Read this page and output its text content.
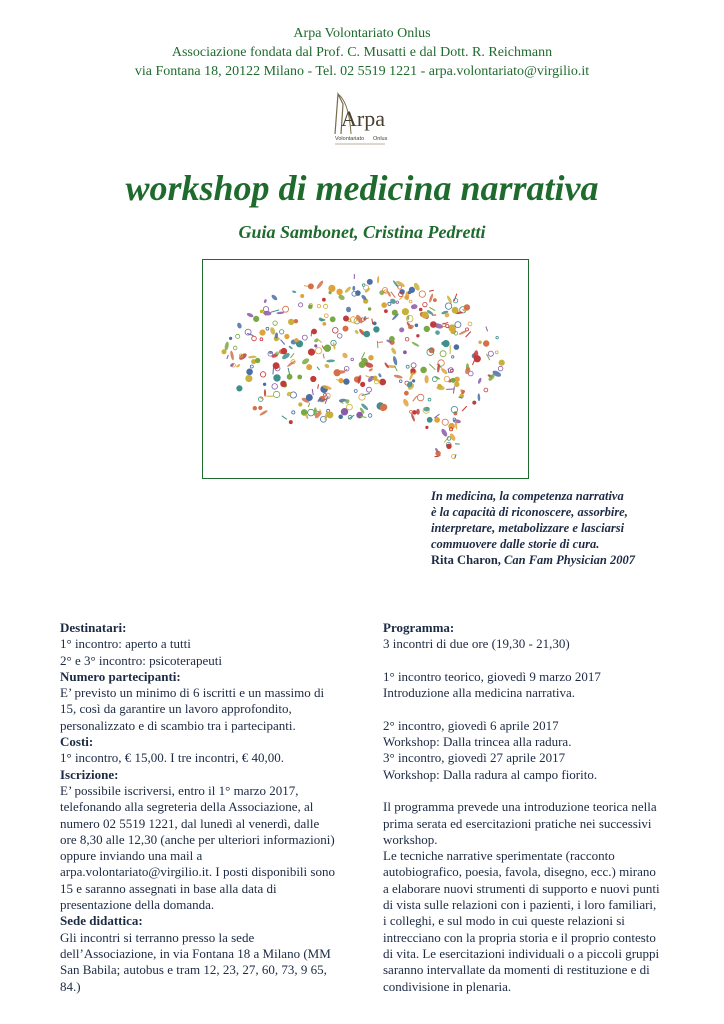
Arpa Volontariato Onlus
Associazione fondata dal Prof. C. Musatti e dal Dott. R. Reichmann
via Fontana 18, 20122 Milano - Tel. 02 5519 1221 - arpa.volontariato@virgilio.it
Arpa
Volontariato Onlus
workshop di medicina narrativa
Guia Sambonet, Cristina Pedretti
In medicina, la competenza narrativa
è la capacità di riconoscere, assorbire,
interpretare, metabolizzare e lasciarsi
commuovere dalle storie di cura.
Rita Charon, Can Fam Physician 2007

Destinatari:

1° incontro: aperto a tutti

2° e 3° incontro: psicoterapeuti

Numero partecipanti:

E’ previsto un minimo di 6 iscritti e un massimo di 15, così da garantire un lavoro approfondito, personalizzato e di scambio tra i partecipanti.

Costi:

1° incontro, € 15,00. I tre incontri, € 40,00.

Iscrizione:

E’ possibile iscriversi, entro il 1° marzo 2017, telefonando alla segreteria della Associazione, al numero 02 5519 1221, dal lunedì al venerdì, dalle ore 8,30 alle 12,30 (anche per ulteriori informazioni) oppure inviando una mail a arpa.volontariato@virgilio.it. I posti disponibili sono 15 e saranno assegnati in base alla data di presentazione della domanda.

Sede didattica:

Gli incontri si terranno presso la sede dell’Associazione, in via Fontana 18 a Milano (MM San Babila; autobus e tram 12, 23, 27, 60, 73, 9 65, 84.)

Programma:

3 incontri di due ore (19,30 - 21,30)

1° incontro teorico, giovedì 9 marzo 2017

Introduzione alla medicina narrativa.

2° incontro, giovedì 6 aprile 2017

Workshop: Dalla trincea alla radura.

3° incontro, giovedì 27 aprile 2017

Workshop: Dalla radura al campo fiorito.

Il programma prevede una introduzione teorica nella prima serata ed esercitazioni pratiche nei successivi workshop.

Le tecniche narrative sperimentate (racconto autobiografico, poesia, favola, disegno, ecc.) mirano a elaborare nuovi strumenti di supporto e nuovi punti di vista sulle relazioni con i pazienti, i loro familiari, i colleghi, e sul modo in cui queste relazioni si intrecciano con la propria storia e il proprio contesto di vita. Le esercitazioni individuali o a piccoli gruppi saranno intervallate da momenti di restituzione e di condivisione in plenaria.
